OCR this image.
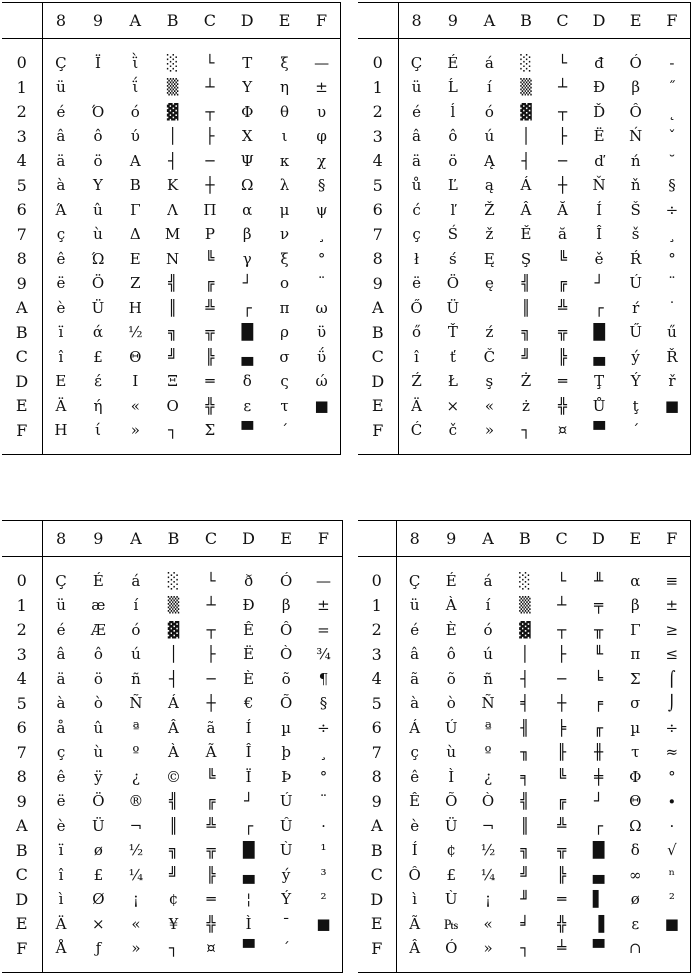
	8	9	A	B	C	D	E	F

0	Ç	Ï	ῒ	░	└	T	ξ	—
1	ü		ΐ	▒	┴	Υ	η	±
2	é	Ό	ό	▓	┬	Φ	θ	υ
3	â	ô	ύ	│	├	X	ι	φ
4	ä	ö	A	┤	─	Ψ	κ	χ
5	à	Υ	B	K	┼	Ω	λ	§
6	Ά	û	Γ	Λ	Π	α	μ	ψ
7	ç	ù	Δ	M	P	β	ν	¸
8	ê	Ώ	E	N	╚	γ	ξ	°
9	ë	Ö	Z	╣	╔	┘	ο	¨
A	è	Ü	H	║	╩	┌	π	ω
B	ï	ά	½	╗	╦	█	ρ	ϋ
C	î	£	Θ	╝	╠	▄	σ	ΰ
D	Ε	έ	I	Ξ	═	δ	ς	ώ
E	Ä	ή	«	O	╬	ε	τ	■
F	H	ί	»	┐	Σ	▀	΄	

	8	9	A	B	C	D	E	F

0	Ç	É	á	░	└	đ	Ó	-
1	ü	Ĺ	í	▒	┴	Đ	β	˝
2	é	ĺ	ó	▓	┬	Ď	Ô	˛
3	â	ô	ú	│	├	Ë	Ń	ˇ
4	ä	ö	Ą	┤	─	ď	ń	˘
5	ů	Ľ	ą	Á	┼	Ň	ň	§
6	ć	ľ	Ž	Â	Ă	Í	Š	÷
7	ç	Ś	ž	Ě	ă	Î	š	¸
8	ł	ś	Ę	Ş	╚	ě	Ŕ	°
9	ë	Ö	ę	╣	╔	┘	Ú	¨
A	Ő	Ü		║	╩	┌	ŕ	˙
B	ő	Ť	ź	╗	╦	█	Ű	ű
C	î	ť	Č	╝	╠	▄	ý	Ř
D	Ź	Ł	ş	Ż	═	Ţ	Ý	ř
E	Ä	×	«	ż	╬	Ů	ţ	■
F	Ć	č	»	┐	¤	▀	´	

	8	9	A	B	C	D	E	F

0	Ç	É	á	░	└	ð	Ó	—
1	ü	æ	í	▒	┴	Ð	β	±
2	é	Æ	ó	▓	┬	Ê	Ô	=
3	â	ô	ú	│	├	Ë	Ò	¾
4	ä	ö	ñ	┤	─	È	õ	¶
5	à	ò	Ñ	Á	┼	€	Õ	§
6	å	û	ª	Â	ã	Í	µ	÷
7	ç	ù	º	À	Ã	Î	þ	¸
8	ê	ÿ	¿	©	╚	Ï	Þ	°
9	ë	Ö	®	╣	╔	┘	Ú	¨
A	è	Ü	¬	║	╩	┌	Û	·
B	ï	ø	½	╗	╦	█	Ù	¹
C	î	£	¼	╝	╠	▄	ý	³
D	ì	Ø	¡	¢	═	¦	Ý	²
E	Ä	×	«	¥	╬	Ì	¯	■
F	Å	ƒ	»	┐	¤	▀	´	

	8	9	A	B	C	D	E	F

0	Ç	É	á	░	└	╨	α	≡
1	ü	À	í	▒	┴	╤	β	±
2	é	È	ó	▓	┬	╥	Γ	≥
3	â	ô	ú	│	├	╙	π	≤
4	ã	õ	ñ	┤	─	╘	Σ	⌠
5	à	ò	Ñ	╡	┼	╒	σ	⌡
6	Á	Ú	ª	╢	╞	╓	µ	÷
7	ç	ù	º	╖	╟	╫	τ	≈
8	ê	Ì	¿	╕	╚	╪	Φ	°
9	Ê	Õ	Ò	╣	╔	┘	Θ	∙
A	è	Ü	¬	║	╩	┌	Ω	·
B	Í	¢	½	╗	╦	█	δ	√
C	Ô	£	¼	╝	╠	▄	∞	ⁿ
D	ì	Ù	¡	╜	═	▌	ø	²
E	Ã	₧	«	╛	╬	▐	ε	■
F	Â	Ó	»	┐	╧	▀	∩	
